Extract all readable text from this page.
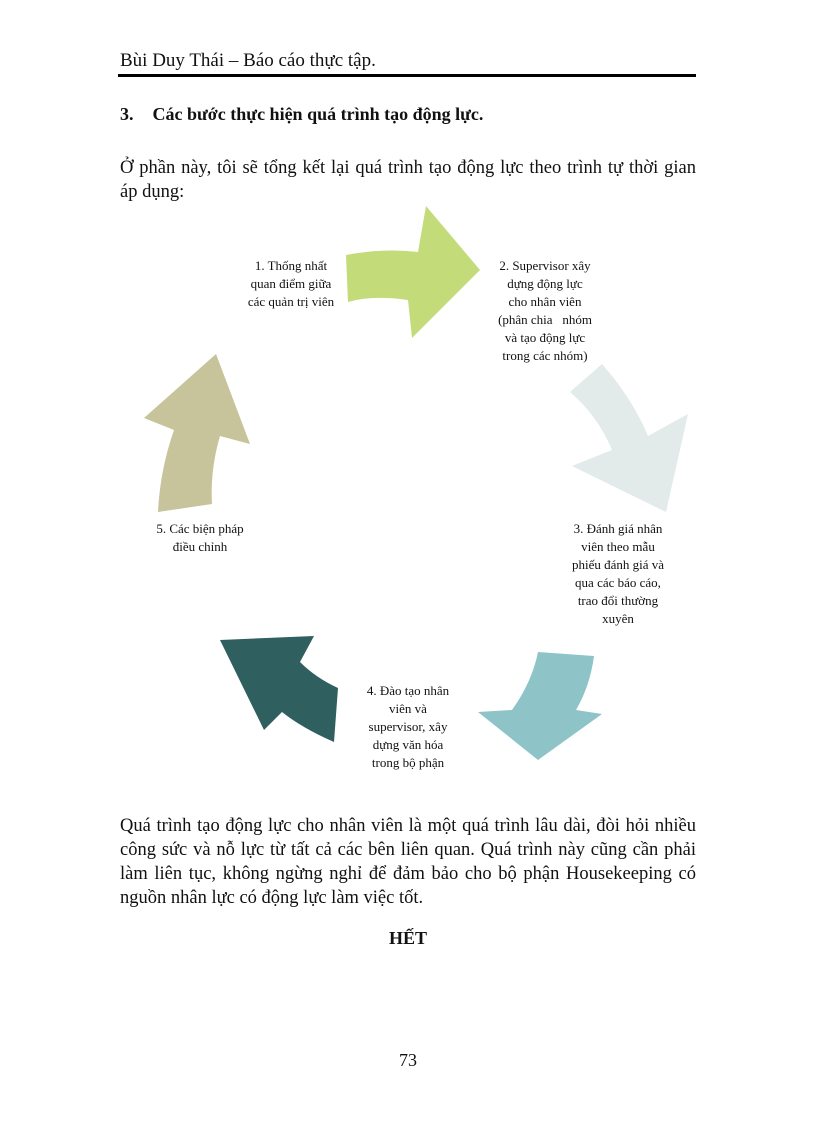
Bùi Duy Thái – Báo cáo thực tập.
3. Các bước thực hiện quá trình tạo động lực.
Ở phần này, tôi sẽ tổng kết lại quá trình tạo động lực theo trình tự thời gian áp dụng:
1. Thống nhất
quan điểm giữa
các quản trị viên
2. Supervisor xây
dựng động lực
cho nhân viên
(phân chia   nhóm
và tạo động lực
trong các nhóm)
3. Đánh giá nhân
viên theo mẫu
phiếu đánh giá và
qua các báo cáo,
trao đổi thường
xuyên
4. Đào tạo nhân
viên và
supervisor, xây
dựng văn hóa
trong bộ phận
5. Các biện pháp
điều chỉnh
Quá trình tạo động lực cho nhân viên là một quá trình lâu dài, đòi hỏi nhiều công sức và nỗ lực từ tất cả các bên liên quan. Quá trình này cũng cần phải làm liên tục, không ngừng nghỉ để đảm bảo cho bộ phận Housekeeping có nguồn nhân lực có động lực làm việc tốt.
HẾT
73
